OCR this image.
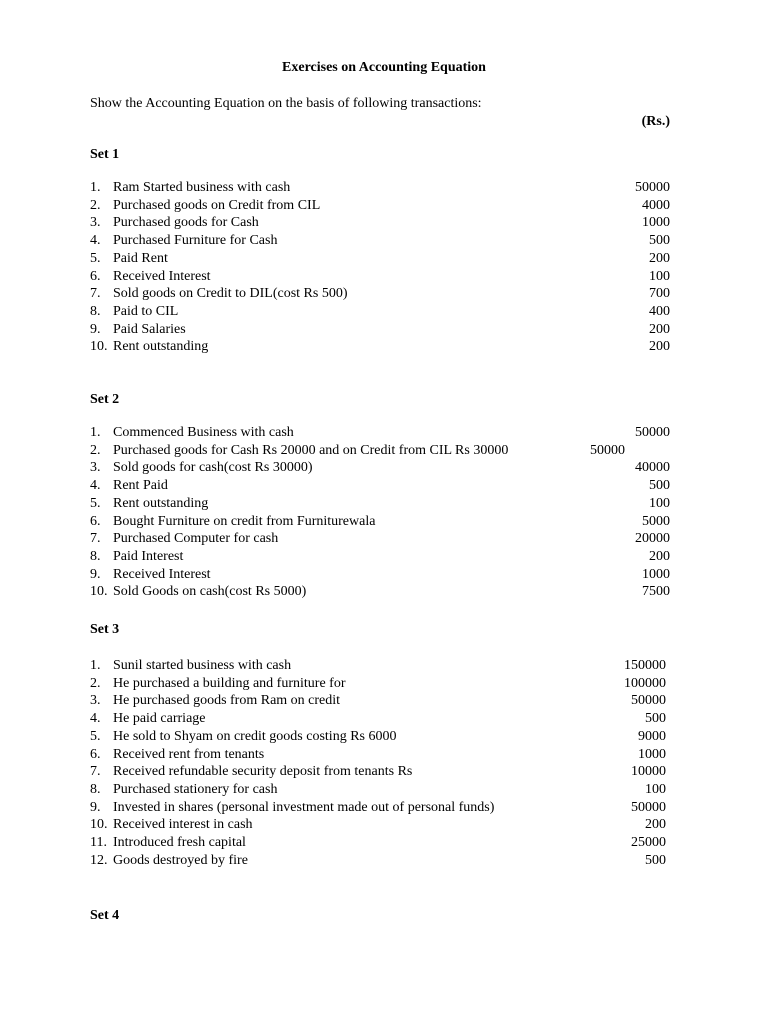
Exercises on Accounting Equation
Show the Accounting Equation on the basis of following transactions:
(Rs.)
Set 1
1. Ram Started business with cash	50000
2. Purchased goods on Credit from CIL	4000
3. Purchased goods for Cash	1000
4. Purchased Furniture for Cash	500
5. Paid Rent	200
6. Received Interest	100
7. Sold goods on Credit to DIL(cost Rs 500)	700
8. Paid to CIL	400
9. Paid Salaries	200
10. Rent outstanding	200
Set 2
1. Commenced Business with cash	50000
2. Purchased goods for Cash Rs 20000 and on Credit from CIL Rs 30000	50000
3. Sold goods for cash(cost Rs 30000)	40000
4. Rent Paid	500
5. Rent outstanding	100
6. Bought Furniture on credit from Furniturewala	5000
7. Purchased Computer for cash	20000
8. Paid Interest	200
9. Received Interest	1000
10. Sold Goods on cash(cost Rs 5000)	7500
Set 3
1. Sunil started business with cash	150000
2. He purchased a building and furniture for	100000
3. He purchased goods from Ram on credit	50000
4. He paid carriage	500
5. He sold to Shyam on credit goods costing Rs 6000	9000
6. Received rent from tenants	1000
7. Received refundable security deposit from tenants Rs	10000
8. Purchased stationery for cash	100
9. Invested in shares (personal investment made out of personal funds)	50000
10. Received interest in cash	200
11. Introduced fresh capital	25000
12. Goods destroyed by fire	500
Set 4
